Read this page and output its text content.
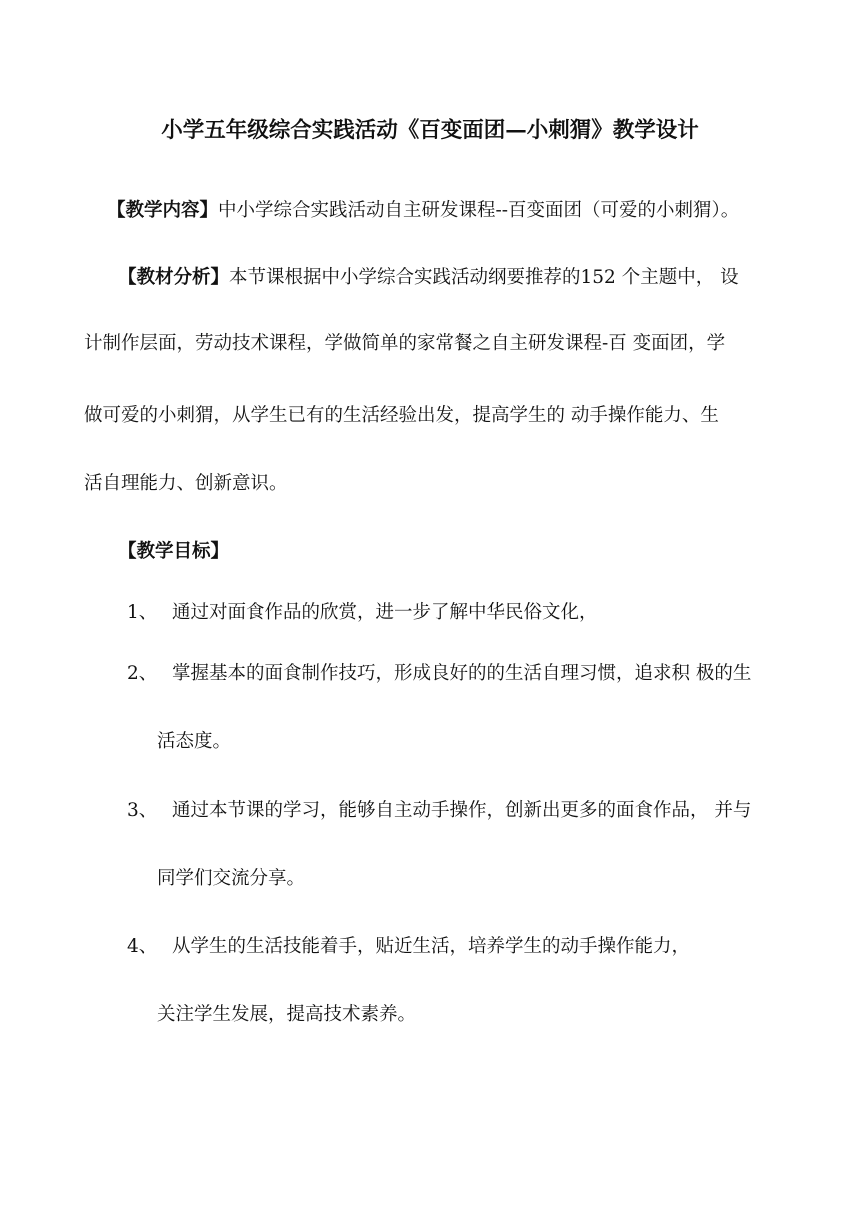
小学五年级综合实践活动《百变面团—小刺猬》教学设计
【教学内容】中小学综合实践活动自主研发课程--百变面团（可爱的小刺猬）。
【教材分析】本节课根据中小学综合实践活动纲要推荐的152 个主题中， 设
计制作层面，劳动技术课程，学做简单的家常餐之自主研发课程-百 变面团，学
做可爱的小刺猬，从学生已有的生活经验出发，提高学生的 动手操作能力、生
活自理能力、创新意识。
【教学目标】
1、 通过对面食作品的欣赏，进一步了解中华民俗文化，
2、 掌握基本的面食制作技巧，形成良好的的生活自理习惯，追求积 极的生
活态度。
3、 通过本节课的学习，能够自主动手操作，创新出更多的面食作品， 并与
同学们交流分享。
4、 从学生的生活技能着手，贴近生活，培养学生的动手操作能力，
关注学生发展，提高技术素养。
